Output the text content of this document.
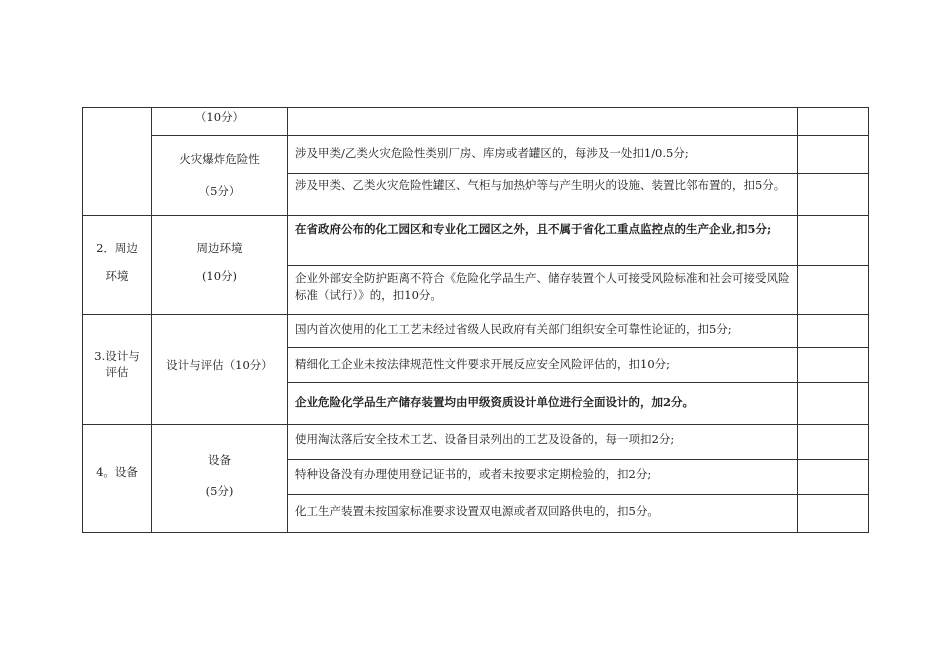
（10分）
火灾爆炸危险性
（5分）
涉及甲类/乙类火灾危险性类别厂房、库房或者罐区的，每涉及一处扣1/0.5分;
涉及甲类、乙类火灾危险性罐区、气柜与加热炉等与产生明火的设施、装置比邻布置的，扣5分。
2．周边
环境
周边环境
(10分)
在省政府公布的化工园区和专业化工园区之外，且不属于省化工重点监控点的生产企业,扣5分;
企业外部安全防护距离不符合《危险化学品生产、储存装置个人可接受风险标准和社会可接受风险标准（试行）》的，扣10分。
3.设计与
评估	设计与评估（10分）
国内首次使用的化工工艺未经过省级人民政府有关部门组织安全可靠性论证的，扣5分;
精细化工企业未按法律规范性文件要求开展反应安全风险评估的，扣10分;
企业危险化学品生产储存装置均由甲级资质设计单位进行全面设计的，加2分。
4。设备
设备
(5分)
使用淘汰落后安全技术工艺、设备目录列出的工艺及设备的，每一项扣2分;
特种设备没有办理使用登记证书的，或者未按要求定期检验的，扣2分;
化工生产装置未按国家标准要求设置双电源或者双回路供电的，扣5分。
